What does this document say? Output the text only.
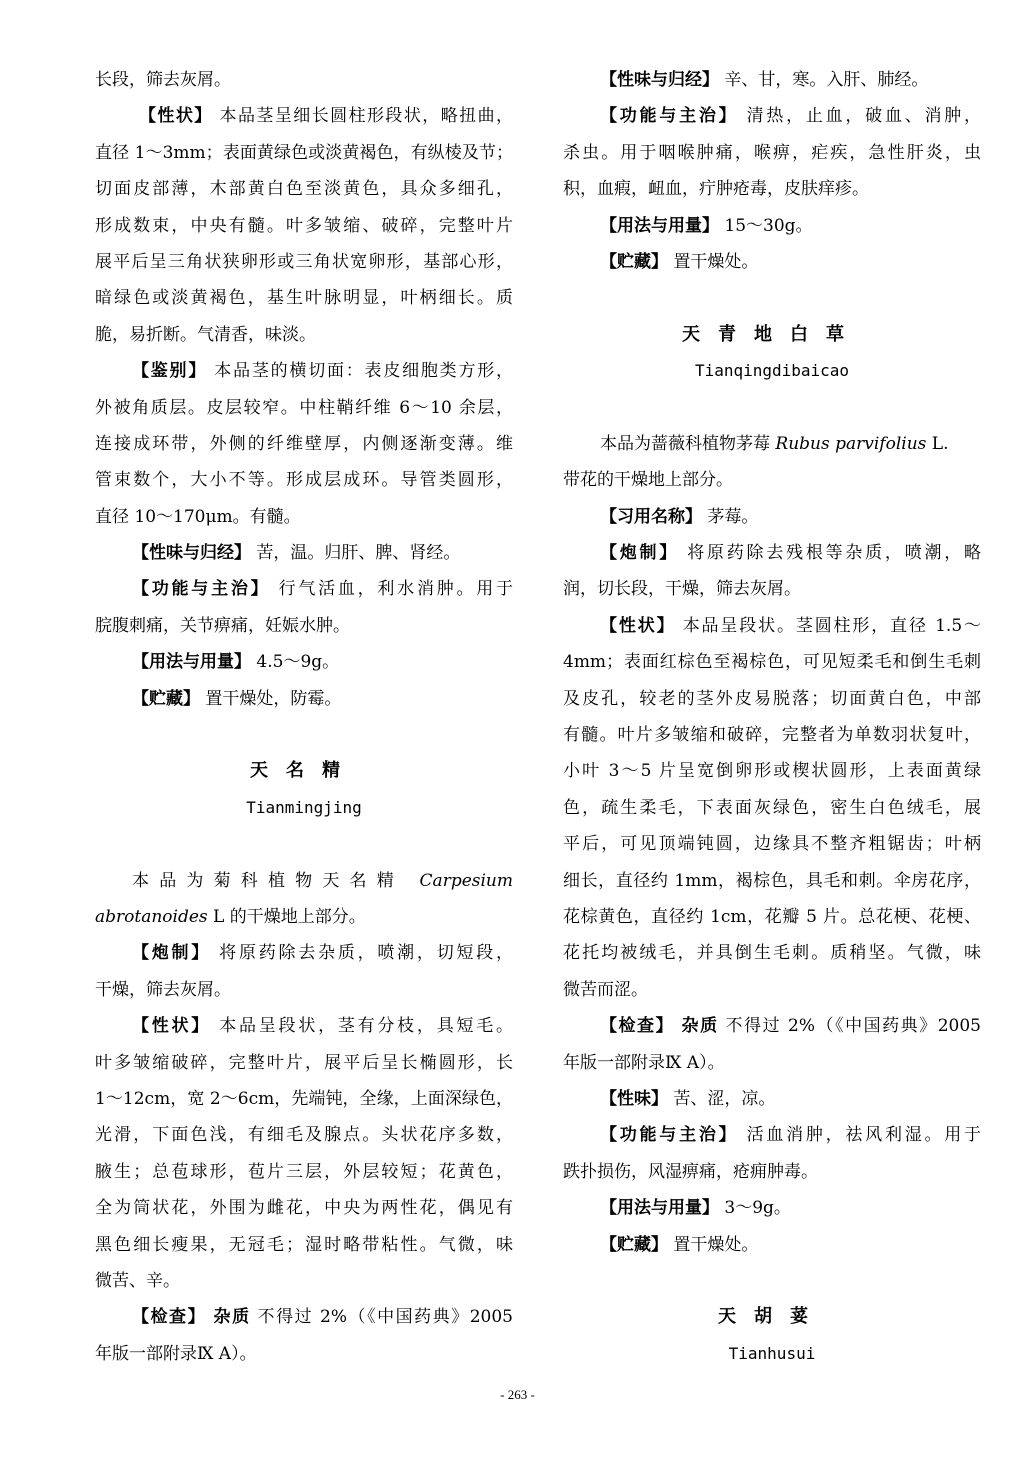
长段，筛去灰屑。
【性状】 本品茎呈细长圆柱形段状，略扭曲，
直径 1～3mm；表面黄绿色或淡黄褐色，有纵棱及节；
切面皮部薄，木部黄白色至淡黄色，具众多细孔，
形成数束，中央有髓。叶多皱缩、破碎，完整叶片
展平后呈三角状狭卵形或三角状宽卵形，基部心形，
暗绿色或淡黄褐色，基生叶脉明显，叶柄细长。质
脆，易折断。气清香，味淡。
【鉴别】 本品茎的横切面：表皮细胞类方形，
外被角质层。皮层较窄。中柱鞘纤维 6～10 余层，
连接成环带，外侧的纤维壁厚，内侧逐渐变薄。维
管束数个，大小不等。形成层成环。导管类圆形，
直径 10～170μm。有髓。
【性味与归经】 苦，温。归肝、脾、肾经。
【功能与主治】 行气活血，利水消肿。用于
脘腹刺痛，关节痹痛，妊娠水肿。
【用法与用量】 4.5～9g。
【贮藏】 置干燥处，防霉。
天名精
Tianmingjing
本品为菊科植物天名精 Carpesium
abrotanoides L 的干燥地上部分。
【炮制】 将原药除去杂质，喷潮，切短段，
干燥，筛去灰屑。
【性状】 本品呈段状，茎有分枝，具短毛。
叶多皱缩破碎，完整叶片，展平后呈长椭圆形，长
1～12cm，宽 2～6cm，先端钝，全缘，上面深绿色，
光滑，下面色浅，有细毛及腺点。头状花序多数，
腋生；总苞球形，苞片三层，外层较短；花黄色，
全为筒状花，外围为雌花，中央为两性花，偶见有
黑色细长瘦果，无冠毛；湿时略带粘性。气微，味
微苦、辛。
【检查】 杂质 不得过 2%（《中国药典》2005
年版一部附录Ⅸ A）。
【性味与归经】 辛、甘，寒。入肝、肺经。
【功能与主治】 清热，止血，破血、消肿，
杀虫。用于咽喉肿痛，喉痹，疟疾，急性肝炎，虫
积，血瘕，衄血，疔肿疮毒，皮肤痒疹。
【用法与用量】 15～30g。
【贮藏】 置干燥处。
天青地白草
Tianqingdibaicao
本品为蔷薇科植物茅莓 Rubus parvifolius L.
带花的干燥地上部分。
【习用名称】 茅莓。
【炮制】 将原药除去残根等杂质，喷潮，略
润，切长段，干燥，筛去灰屑。
【性状】 本品呈段状。茎圆柱形，直径 1.5～
4mm；表面红棕色至褐棕色，可见短柔毛和倒生毛刺
及皮孔，较老的茎外皮易脱落；切面黄白色，中部
有髓。叶片多皱缩和破碎，完整者为单数羽状复叶，
小叶 3～5 片呈宽倒卵形或楔状圆形，上表面黄绿
色，疏生柔毛，下表面灰绿色，密生白色绒毛，展
平后，可见顶端钝圆，边缘具不整齐粗锯齿；叶柄
细长，直径约 1mm，褐棕色，具毛和刺。伞房花序，
花棕黄色，直径约 1cm，花瓣 5 片。总花梗、花梗、
花托均被绒毛，并具倒生毛刺。质稍坚。气微，味
微苦而涩。
【检查】 杂质 不得过 2%（《中国药典》2005
年版一部附录Ⅸ A）。
【性味】 苦、涩，凉。
【功能与主治】 活血消肿，祛风利湿。用于
跌扑损伤，风湿痹痛，疮痈肿毒。
【用法与用量】 3～9g。
【贮藏】 置干燥处。
天胡荽
Tianhusui
- 263 -
